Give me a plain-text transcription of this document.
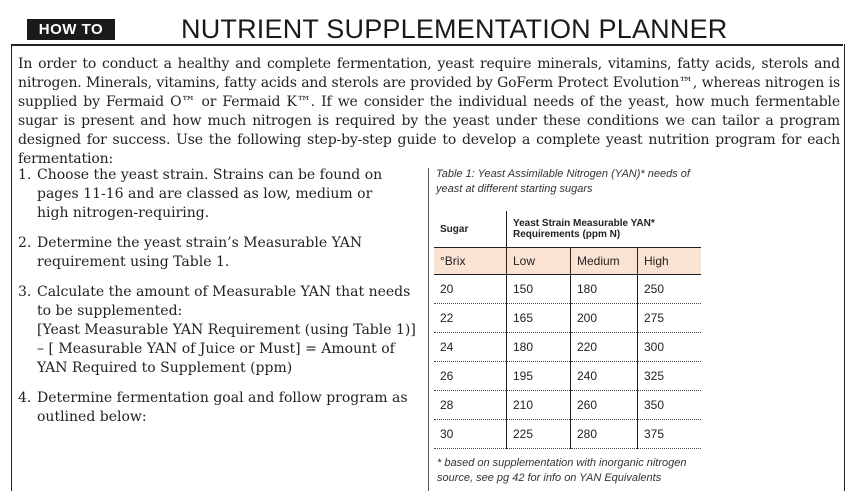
HOW TO	NUTRIENT SUPPLEMENTATION PLANNER

In order to conduct a healthy and complete fermentation, yeast require minerals, vitamins, fatty acids, sterols and nitrogen. Minerals, vitamins, fatty acids and sterols are provided by GoFerm Protect Evolution™, whereas nitrogen is supplied by Fermaid O™ or Fermaid K™. If we consider the individual needs of the yeast, how much fermentable sugar is present and how much nitrogen is required by the yeast under these conditions we can tailor a program designed for success. Use the following step-by-step guide to develop a complete yeast nutrition program for each fermentation:

1. Choose the yeast strain. Strains can be found on pages 11-16 and are classed as low, medium or high nitrogen-requiring.
2. Determine the yeast strain’s Measurable YAN requirement using Table 1.
3. Calculate the amount of Measurable YAN that needs to be supplemented:
[Yeast Measurable YAN Requirement (using Table 1)]
– [ Measurable YAN of Juice or Must] = Amount of YAN Required to Supplement (ppm)
4. Determine fermentation goal and follow program as outlined below:
Table 1: Yeast Assimilable Nitrogen (YAN)* needs of yeast at different starting sugars
Sugar	Yeast Strain Measurable YAN* Requirements (ppm N)		
°Brix	Low	Medium	High
20	150	180	250
22	165	200	275
24	180	220	300
26	195	240	325
28	210	260	350
30	225	280	375
* based on supplementation with inorganic nitrogen source, see pg 42 for info on YAN Equivalents
